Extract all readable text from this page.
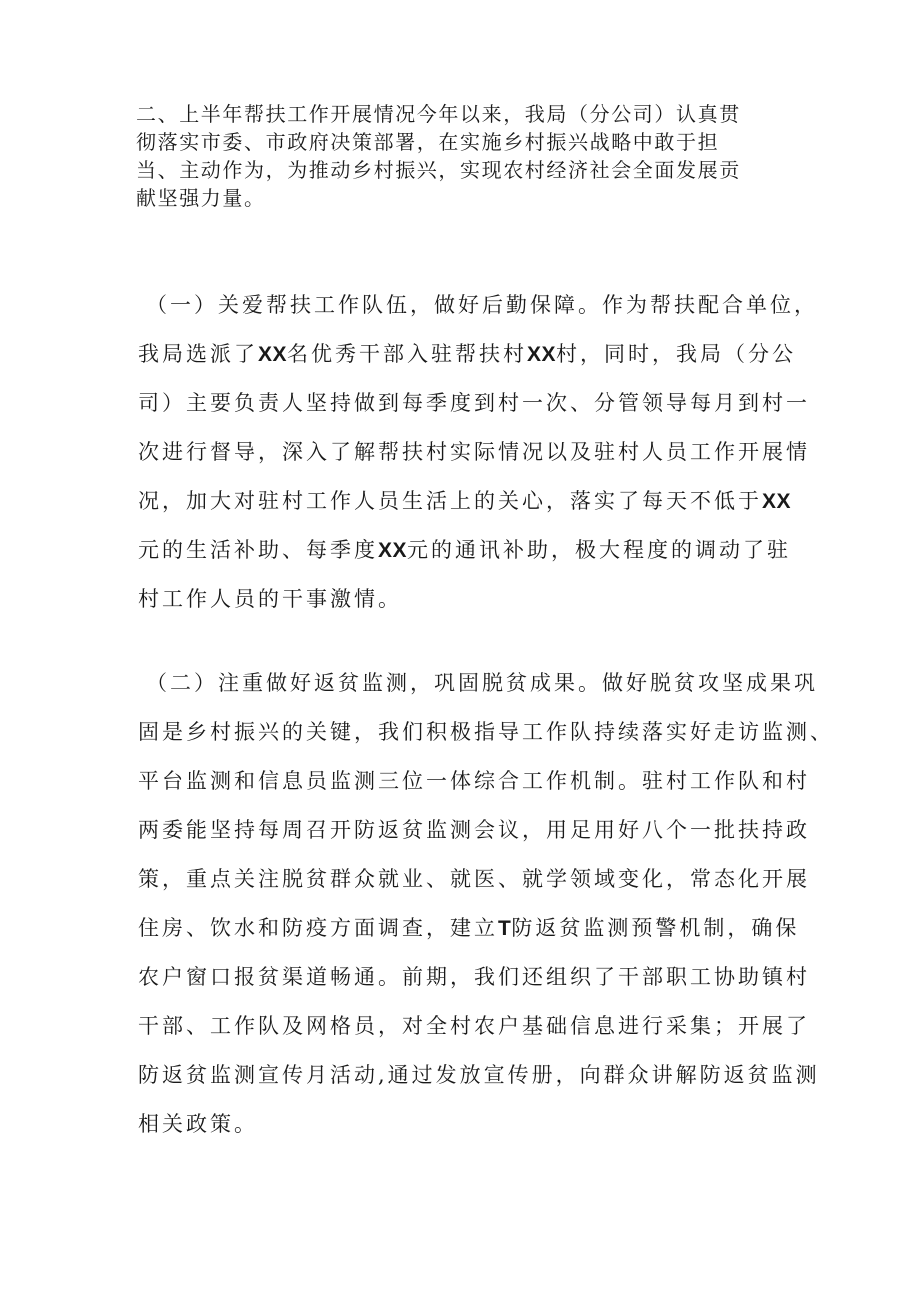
二、上半年帮扶工作开展情况今年以来，我局（分公司）认真贯
彻落实市委、市政府决策部署，在实施乡村振兴战略中敢于担
当、主动作为，为推动乡村振兴，实现农村经济社会全面发展贡
献坚强力量。

（一）关爱帮扶工作队伍，做好后勤保障。作为帮扶配合单位，
我局选派了XX名优秀干部入驻帮扶村XX村，同时，我局（分公
司）主要负责人坚持做到每季度到村一次、分管领导每月到村一
次进行督导，深入了解帮扶村实际情况以及驻村人员工作开展情
况，加大对驻村工作人员生活上的关心，落实了每天不低于XX
元的生活补助、每季度XX元的通讯补助，极大程度的调动了驻
村工作人员的干事激情。

（二）注重做好返贫监测，巩固脱贫成果。做好脱贫攻坚成果巩
固是乡村振兴的关键，我们积极指导工作队持续落实好走访监测、
平台监测和信息员监测三位一体综合工作机制。驻村工作队和村
两委能坚持每周召开防返贫监测会议，用足用好八个一批扶持政
策，重点关注脱贫群众就业、就医、就学领域变化，常态化开展
住房、饮水和防疫方面调查，建立T防返贫监测预警机制，确保
农户窗口报贫渠道畅通。前期，我们还组织了干部职工协助镇村
干部、工作队及网格员，对全村农户基础信息进行采集；开展了
防返贫监测宣传月活动,通过发放宣传册，向群众讲解防返贫监测
相关政策。
